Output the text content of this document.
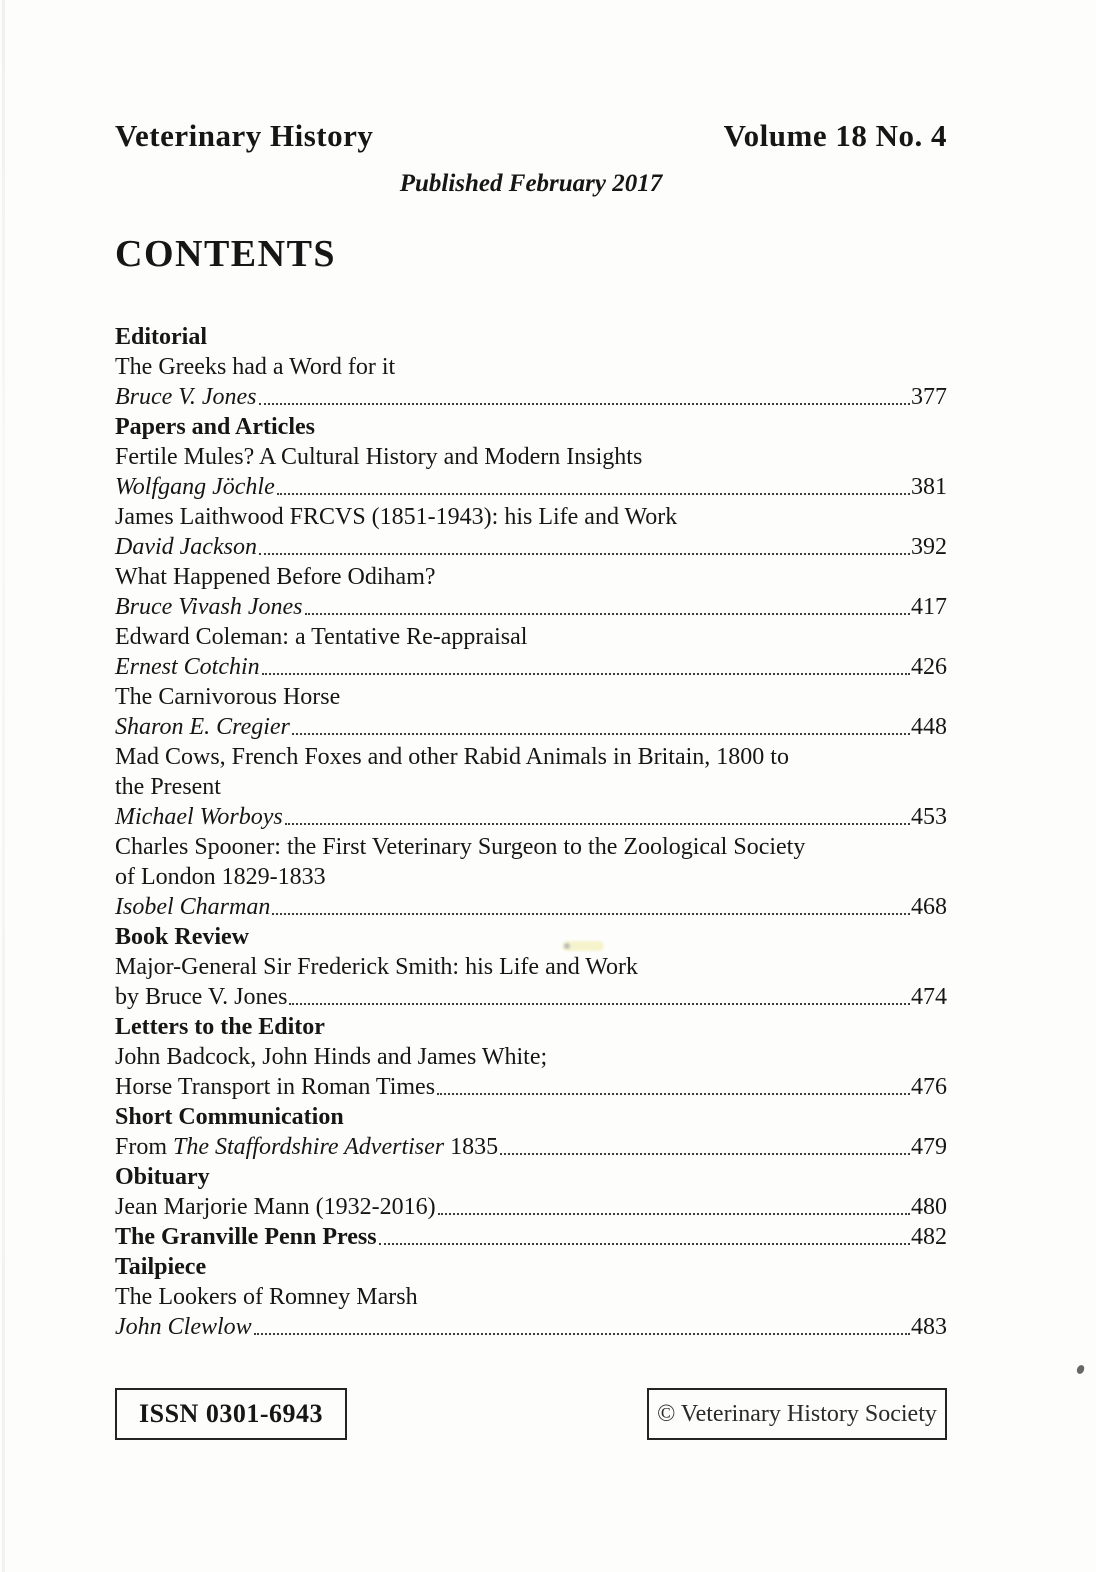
Veterinary History	Volume 18 No. 4
Published February 2017
CONTENTS
Editorial
The Greeks had a Word for it
Bruce V. Jones	377
Papers and Articles
Fertile Mules? A Cultural History and Modern Insights
Wolfgang Jöchle	381
James Laithwood FRCVS (1851-1943): his Life and Work
David Jackson	392
What Happened Before Odiham?
Bruce Vivash Jones	417
Edward Coleman: a Tentative Re-appraisal
Ernest Cotchin	426
The Carnivorous Horse
Sharon E. Cregier	448
Mad Cows, French Foxes and other Rabid Animals in Britain, 1800 to
the Present
Michael Worboys	453
Charles Spooner: the First Veterinary Surgeon to the Zoological Society
of London 1829-1833
Isobel Charman	468
Book Review
Major-General Sir Frederick Smith: his Life and Work
by Bruce V. Jones	474
Letters to the Editor
John Badcock, John Hinds and James White;
Horse Transport in Roman Times	476
Short Communication
From The Staffordshire Advertiser 1835	479
Obituary
Jean Marjorie Mann (1932-2016)	480
The Granville Penn Press	482
Tailpiece
The Lookers of Romney Marsh
John Clewlow	483
ISSN 0301-6943	© Veterinary History Society
